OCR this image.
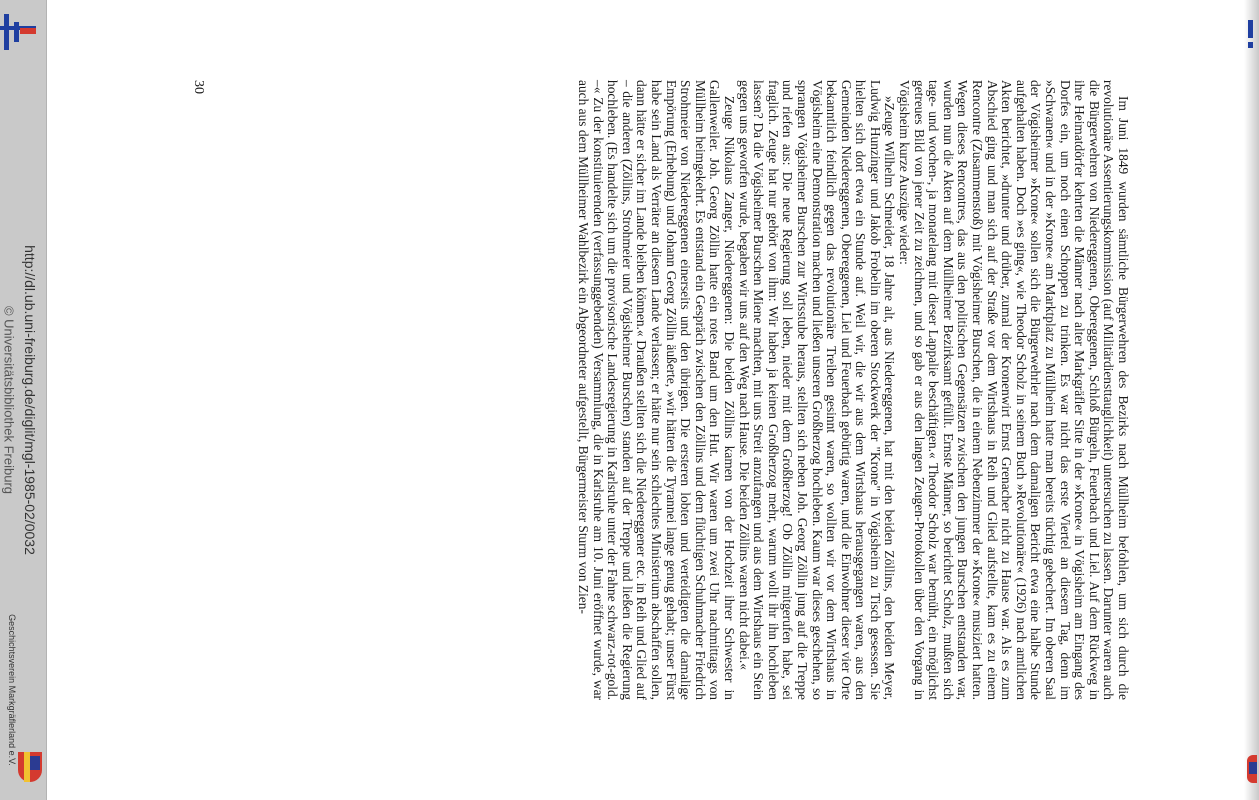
http://dl.ub.uni-freiburg.de/diglit/mgl-1985-02/0032
© Universitätsbibliothek Freiburg
Geschichtsverein Markgräflerland e.V.	Im Juni 1849 wurden sämtliche Bürgerwehren des Bezirks nach Müllheim befohlen, um sich durch die revolutionäre Assentierungskommission (auf Militärdiensttauglichkeit) untersuchen zu lassen. Darunter waren auch die Bürgerwehren von Niedereggenen, Obereggenen, Schloß Bürgeln, Feuerbach und Liel. Auf dem Rückweg in ihre Heimatdörfer kehrten die Männer nach alter Markgräfler Sitte in der »Krone« in Vögisheim am Eingang des Dorfes ein, um noch einen Schoppen zu trinken. Es war nicht das erste Viertel an diesem Tag, denn im »Schwanen« und in der »Krone« am Marktplatz zu Müllheim hatte man bereits tüchtig gebechert. Im oberen Saal der Vögisheimer »Krone« sollen sich die Bürgerwehrler nach dem damaligen Bericht etwa eine halbe Stunde aufgehalten haben. Doch »es ging«, wie Theodor Scholz in seinem Buch »Revolutionäre« (1926) nach amtlichen Akten berichtet, »drunter und drüber, zumal der Kronenwirt Ernst Grenacher nicht zu Hause war. Als es zum Abschied ging und man sich auf der Straße vor dem Wirtshaus in Reih und Glied aufstellte, kam es zu einem Rencontre (Zusammenstoß) mit Vögisheimer Burschen, die in einem Nebenzimmer der »Krone« musiziert hatten. Wegen dieses Rencontres, das aus den politischen Gegensätzen zwischen den jungen Burschen entstanden war, wurden nun die Akten auf dem Müllheimer Bezirksamt gefüllt. Ernste Männer, so berichtet Scholz, mußten sich tage- und wochen-, ja monatelang mit dieser Lappalie beschäftigen.« Theodor Scholz war bemüht, ein möglichst getreues Bild von jener Zeit zu zeichnen, und so gab er aus den langen Zeugen-Protokollen über den Vorgang in Vögisheim kurze Auszüge wieder:

»Zeuge Wilhelm Schneider, 18 Jahre alt, aus Niedereggenen, hat mit den beiden Zöllins, den beiden Meyer, Ludwig Hunzinger und Jakob Frobelin im oberen Stockwerk der "Krone" in Vögisheim zu Tisch gesessen. Sie hielten sich dort etwa ein Stunde auf. Weil wir, die wir aus dem Wirtshaus herausgegangen waren, aus den Gemeinden Niedereggenen, Obereggenen, Liel und Feuerbach gebürtig waren, und die Einwohner dieser vier Orte bekanntlich feindlich gegen das revolutionäre Treiben gesinnt waren, so wollten wir vor dem Wirtshaus in Vögisheim eine Demonstration machen und ließen unseren Großherzog hochleben. Kaum war dieses geschehen, so sprangen Vögisheimer Burschen zur Wirtsstube heraus, stellten sich neben Joh. Georg Zöllin jung auf die Treppe und riefen aus: Die neue Regierung soll leben, nieder mit dem Großherzog! Ob Zöllin mitgerufen habe, sei fraglich. Zeuge hat nur gehört von ihm: Wir haben ja keinen Großherzog mehr, warum wollt ihr ihn hochleben lassen? Da die Vögisheimer Burschen Miene machten, mit uns Streit anzufangen und aus dem Wirtshaus ein Stein gegen uns geworfen wurde, begaben wir uns auf den Weg nach Hause. Die beiden Zöllins waren nicht dabei.«

Zeuge Nikolaus Zanger, Niedereggenen: Die beiden Zöllins kamen von der Hochzeit ihrer Schwester in Gallenweiler. Joh. Georg Zöllin hatte ein rotes Band um den Hut. Wir waren um zwei Uhr nachmittags von Müllheim heimgekehrt. Es entstand ein Gespräch zwischen den Zöllins und dem flüchtigen Schuhmacher Friedrich Strohmeier von Niedereggenen einerseits und den übrigen. Die ersteren lobten und verteidigten die damalige Empörung (Erhebung) und Johann Georg Zöllin äußerte, »wir hätten die Tyrannei lange genug gehabt; unser Fürst habe sein Land als Verräter an diesem Lande verlassen; er hätte nur sein schlechtes Ministerium abschaffen sollen, dann hätte er sicher im Lande bleiben können.« Draußen stellten sich die Niedereggener etc. in Reih und Glied auf – die anderen (Zöllins, Strohmeier und Vögisheimer Burschen) standen auf der Treppe und ließen die Regierung hochleben. (Es handelte sich um die provisorische Landesregierung in Karlsruhe unter der Fahne schwarz-rot-gold. –« Zu der konstituierenden (verfassunggebenden) Versammlung, die in Karlsruhe am 10. Juni eröffnet wurde, war auch aus dem Müllheimer Wahlbezirk ein Abgeordneter aufgestellt, Bürgermeister Sturm von Zien-

30
